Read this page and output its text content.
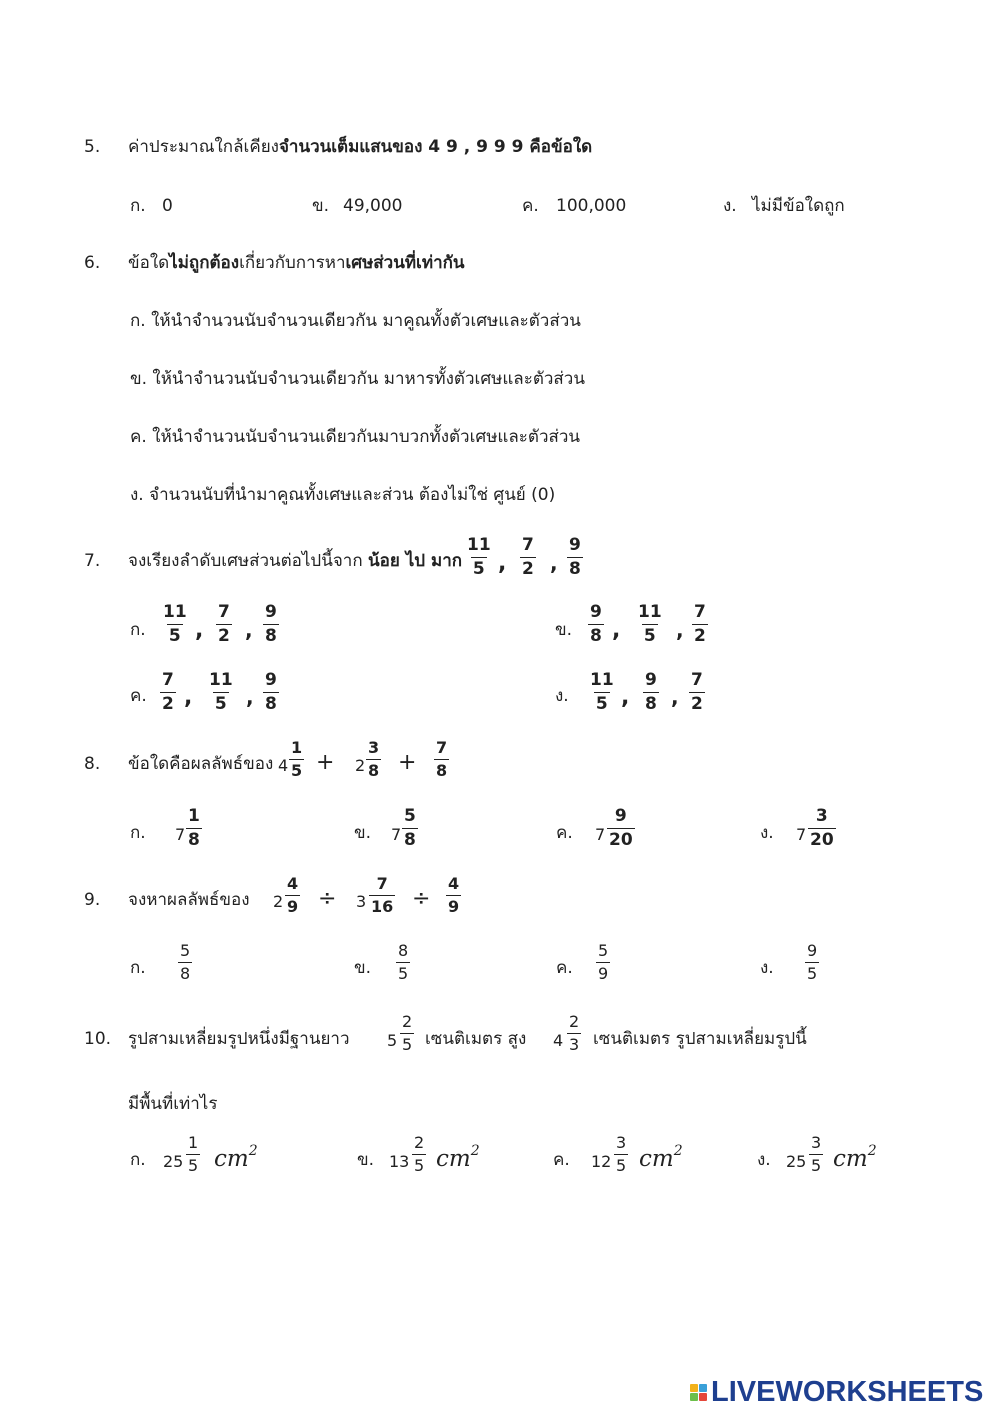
5. ค่าประมาณใกล้เคียงจำนวนเต็มแสนของ 4 9 , 9 9 9 คือข้อใด
ก. 0	ข. 49,000	ค. 100,000	ง. ไม่มีข้อใดถูก
6. ข้อใดไม่ถูกต้องเกี่ยวกับการหาเศษส่วนที่เท่ากัน
ก. ให้นำจำนวนนับจำนวนเดียวกัน มาคูณทั้งตัวเศษและตัวส่วน
ข. ให้นำจำนวนนับจำนวนเดียวกัน มาหารทั้งตัวเศษและตัวส่วน
ค. ให้นำจำนวนนับจำนวนเดียวกันมาบวกทั้งตัวเศษและตัวส่วน
ง. จำนวนนับที่นำมาคูณทั้งเศษและส่วน ต้องไม่ใช่ ศูนย์ (0)
7. จงเรียงลำดับเศษส่วนต่อไปนี้จาก น้อย ไป มาก $\frac{11}{5}$ , $\frac{7}{2}$ , $\frac{9}{8}$
ก. $\frac{11}{5}$ , $\frac{7}{2}$ , $\frac{9}{8}$	ข. $\frac{9}{8}$ , $\frac{11}{5}$ , $\frac{7}{2}$
ค. $\frac{7}{2}$ , $\frac{11}{5}$ , $\frac{9}{8}$	ง. $\frac{11}{5}$ , $\frac{9}{8}$ , $\frac{7}{2}$
8. ข้อใดคือผลลัพธ์ของ $4 \frac{1}{5} + 2 \frac{3}{8} + \frac{7}{8}$
ก. $7 \frac{1}{8}$	ข. $7 \frac{5}{8}$	ค. $7 \frac{9}{20}$	ง. $7 \frac{3}{20}$
9. จงหาผลลัพธ์ของ $2 \frac{4}{9} \div 3 \frac{7}{16} \div \frac{4}{9}$
ก. $\frac{5}{8}$	ข. $\frac{8}{5}$	ค. $\frac{5}{9}$	ง. $\frac{9}{5}$
10. รูปสามเหลี่ยมรูปหนึ่งมีฐานยาว $5 \frac{2}{5}$ เซนติเมตร สูง $4 \frac{2}{3}$ เซนติเมตร รูปสามเหลี่ยมรูปนี้
มีพื้นที่เท่าไร
ก. $25 \frac{1}{5} cm^2$	ข. $13 \frac{2}{5} cm^2$	ค. $12 \frac{3}{5} cm^2$	ง. $25 \frac{3}{5} cm^2$
LIVEWORKSHEETS
